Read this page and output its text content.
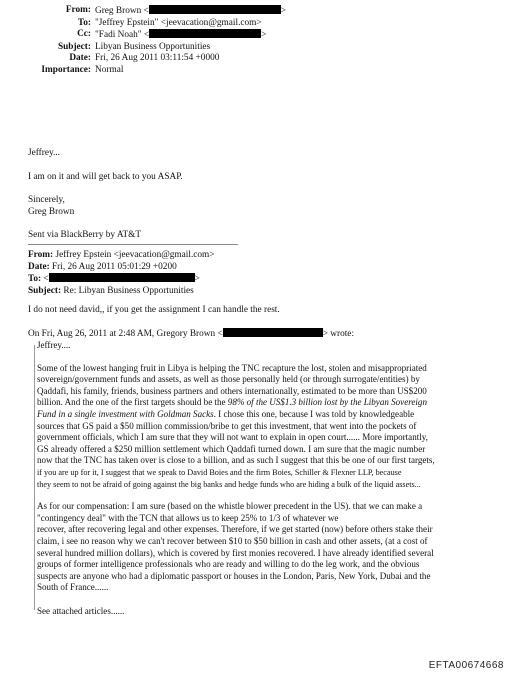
From: Greg Brown <	>
To: "Jeffrey Epstein" <jeevacation@gmail.com>
Cc: "Fadi Noah" <	>
Subject: Libyan Business Opportunities
Date: Fri, 26 Aug 2011 03:11:54 +0000
Importance: Normal
Jeffrey...
I am on it and will get back to you ASAP.
Sincerely,
Greg Brown
Sent via BlackBerry by AT&T
From: Jeffrey Epstein <jeevacation@gmail.com>
Date: Fri, 26 Aug 2011 05:01:29 +0200
To: <	>
Subject: Re: Libyan Business Opportunities
I do not need david,, if you get the assignment I can handle the rest.
On Fri, Aug 26, 2011 at 2:48 AM, Gregory Brown <	> wrote:
Jeffrey....
Some of the lowest hanging fruit in Libya is helping the TNC recapture the lost, stolen and misappropriated
sovereign/government funds and assets, as well as those personally held (or through surrogate/entities) by
Qaddafi, his family, friends, business partners and others internationally, estimated to be more than US$200
billion. And the one of the first targets should be the 98% of the US$1.3 billion lost by the Libyan Sovereign
Fund in a single investment with Goldman Sacks. I chose this one, because I was told by knowledgeable
sources that GS paid a $50 million commission/bribe to get this investment, that went into the pockets of
government officials, which I am sure that they will not want to explain in open court...... More importantly,
GS already offered a $250 million settlement which Qaddafi turned down. I am sure that the magic number
now that the TNC has taken over is close to a billion, and as such I suggest that this be one of our first targets,
if you are up for it, I suggest that we speak to David Boies and the firm Boies, Schiller & Flexner LLP, because
they seem to not be afraid of going against the big banks and hedge funds who are hiding a bulk of the liquid assets...
As for our compensation: I am sure (based on the whistle blower precedent in the US). that we can make a
"contingency deal" with the TCN that allows us to keep 25% to 1/3 of whatever we
recover, after recovering legal and other expenses. Therefore, if we get started (now) before others stake their
claim, i see no reason why we can't recover between $10 to $50 billion in cash and other assets, (at a cost of
several hundred million dollars), which is covered by first monies recovered. I have already identified several
groups of former intelligence professionals who are ready and willing to do the leg work, and the obvious
suspects are anyone who had a diplomatic passport or houses in the London, Paris, New York, Dubai and the
South of France......
See attached articles......
EFTA00674668
